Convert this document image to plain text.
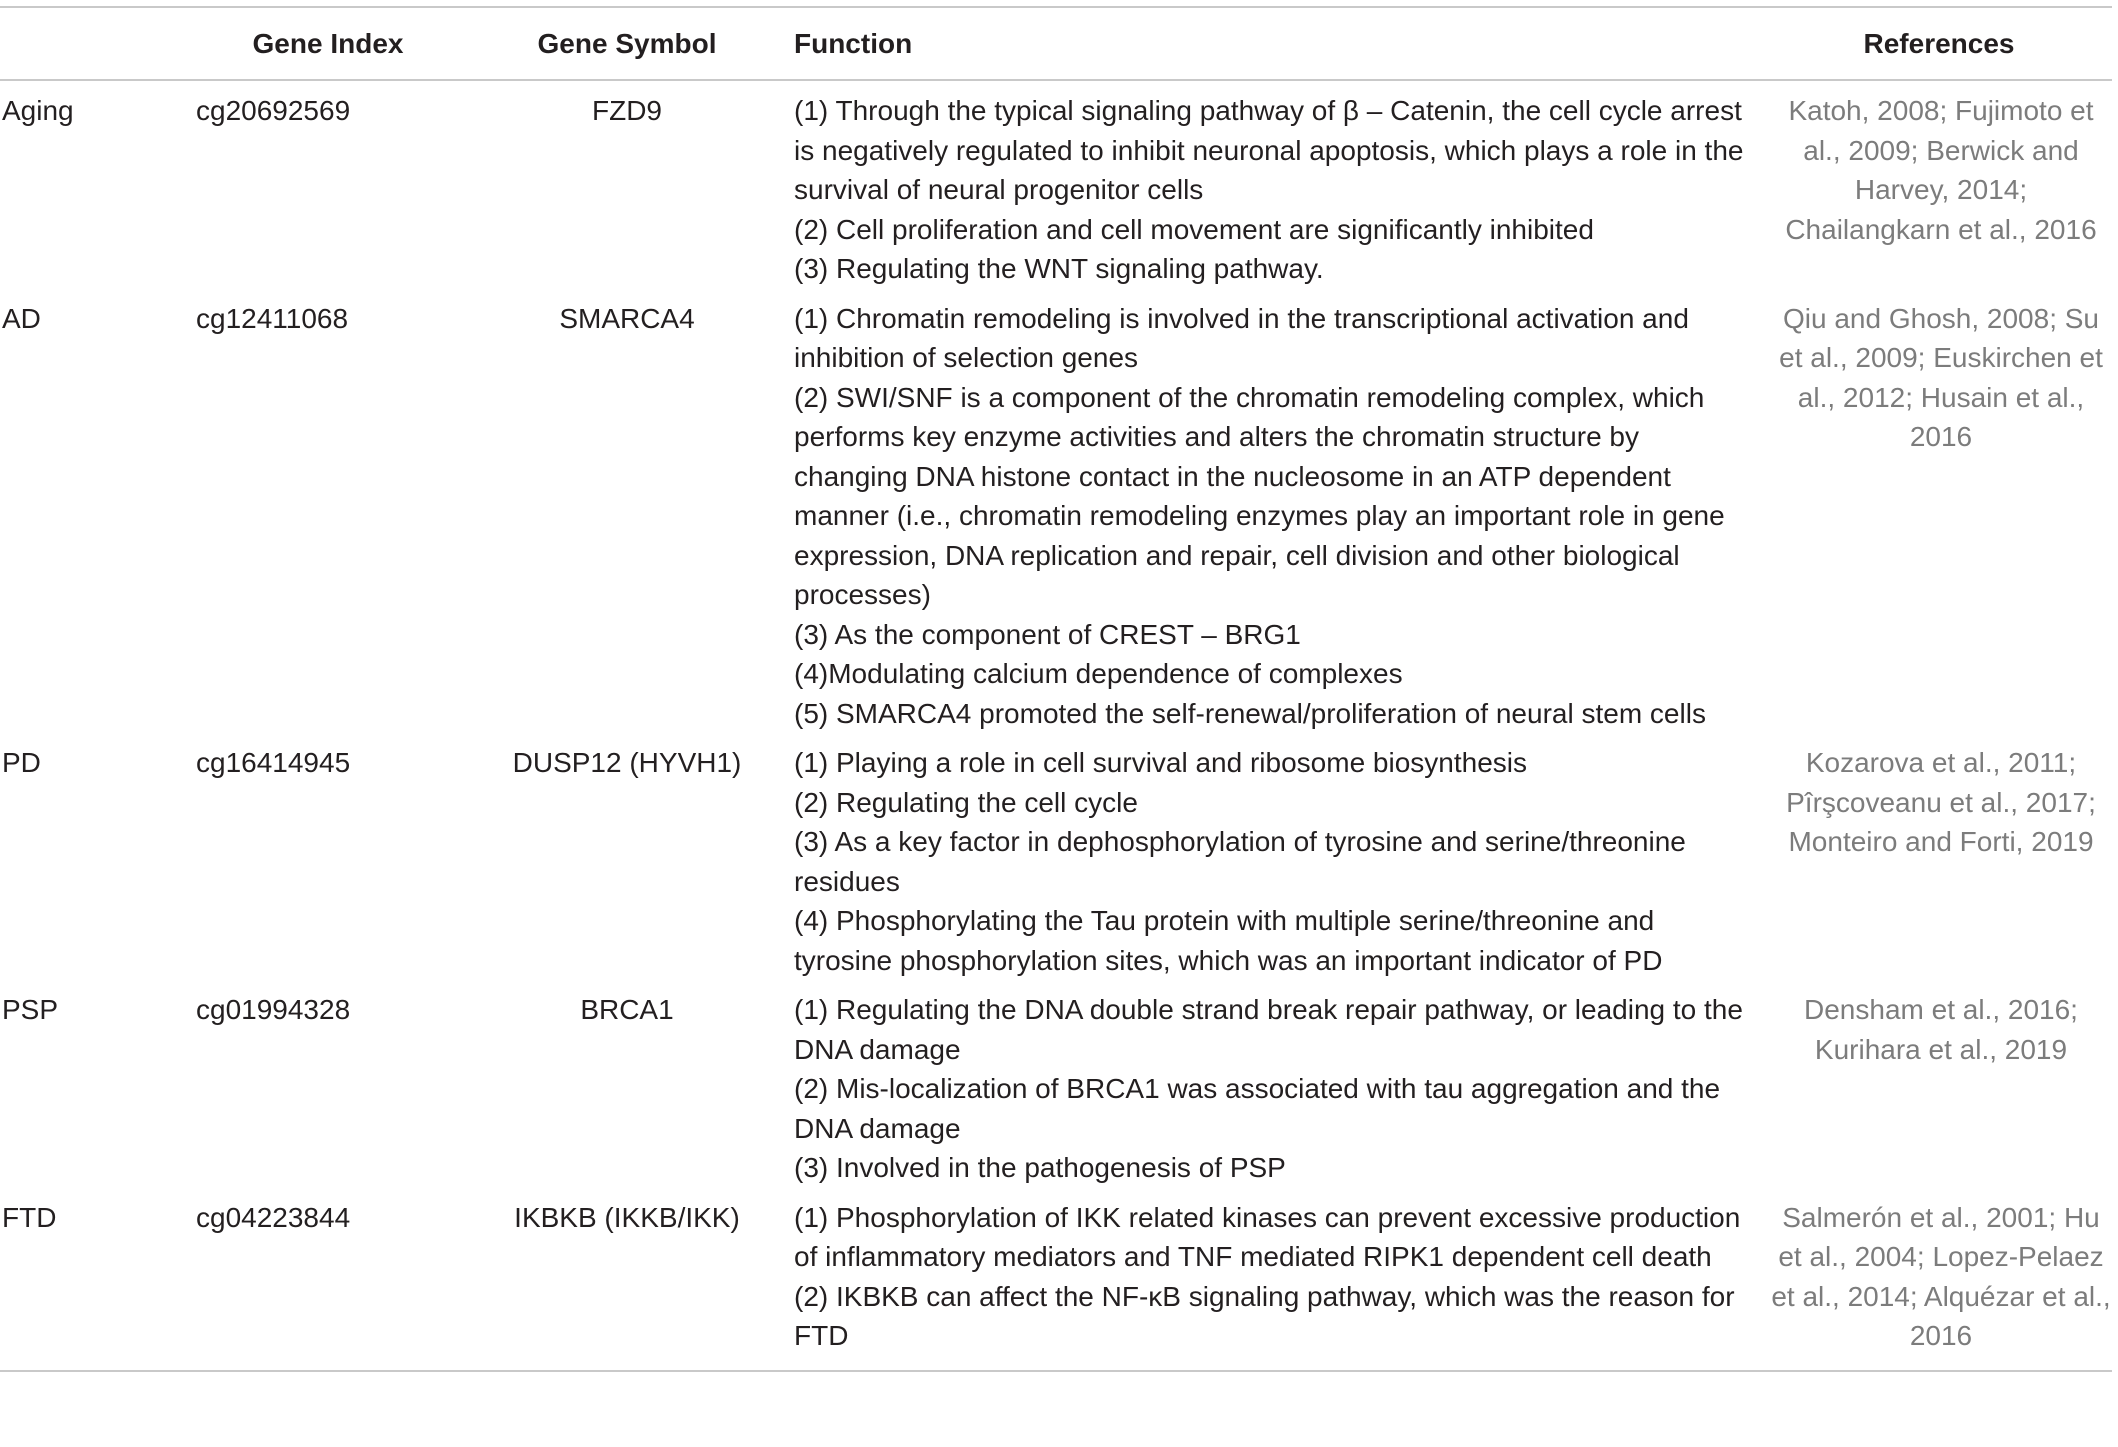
	Gene Index	Gene Symbol	Function	References
Aging	cg20692569	FZD9	(1) Through the typical signaling pathway of β – Catenin, the cell cycle arrest is negatively regulated to inhibit neuronal apoptosis, which plays a role in the survival of neural progenitor cells
(2) Cell proliferation and cell movement are significantly inhibited
(3) Regulating the WNT signaling pathway.	Katoh, 2008; Fujimoto et al., 2009; Berwick and Harvey, 2014; Chailangkarn et al., 2016
AD	cg12411068	SMARCA4	(1) Chromatin remodeling is involved in the transcriptional activation and inhibition of selection genes
(2) SWI/SNF is a component of the chromatin remodeling complex, which performs key enzyme activities and alters the chromatin structure by changing DNA histone contact in the nucleosome in an ATP dependent manner (i.e., chromatin remodeling enzymes play an important role in gene expression, DNA replication and repair, cell division and other biological processes)
(3) As the component of CREST – BRG1
(4)Modulating calcium dependence of complexes
(5) SMARCA4 promoted the self-renewal/proliferation of neural stem cells	Qiu and Ghosh, 2008; Su et al., 2009; Euskirchen et al., 2012; Husain et al., 2016
PD	cg16414945	DUSP12 (HYVH1)	(1) Playing a role in cell survival and ribosome biosynthesis
(2) Regulating the cell cycle
(3) As a key factor in dephosphorylation of tyrosine and serine/threonine residues
(4) Phosphorylating the Tau protein with multiple serine/threonine and tyrosine phosphorylation sites, which was an important indicator of PD	Kozarova et al., 2011; Pîrşcoveanu et al., 2017; Monteiro and Forti, 2019
PSP	cg01994328	BRCA1	(1) Regulating the DNA double strand break repair pathway, or leading to the DNA damage
(2) Mis-localization of BRCA1 was associated with tau aggregation and the DNA damage
(3) Involved in the pathogenesis of PSP	Densham et al., 2016; Kurihara et al., 2019
FTD	cg04223844	IKBKB (IKKB/IKK)	(1) Phosphorylation of IKK related kinases can prevent excessive production of inflammatory mediators and TNF mediated RIPK1 dependent cell death
(2) IKBKB can affect the NF-κB signaling pathway, which was the reason for FTD	Salmerón et al., 2001; Hu et al., 2004; Lopez-Pelaez et al., 2014; Alquézar et al., 2016
